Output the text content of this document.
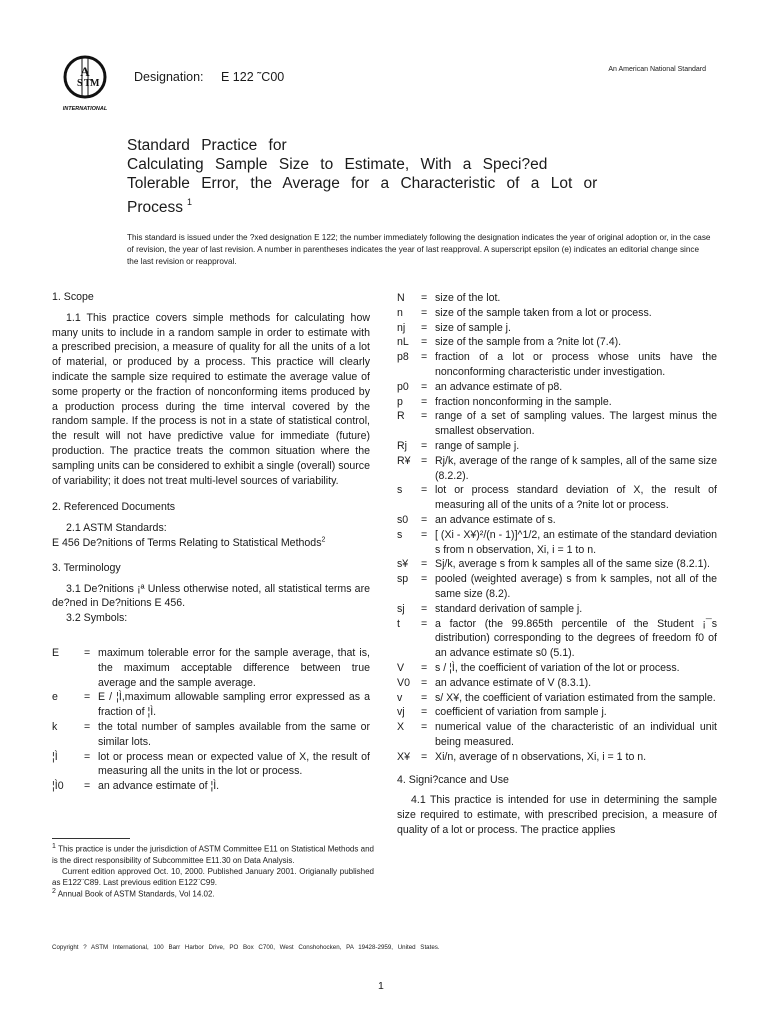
A
S T M
INTERNATIONAL
Designation: E 122 ˜C00
An American National Standard
Standard Practice for
Calculating Sample Size to Estimate, With a Speci?ed
Tolerable Error, the Average for a Characteristic of a Lot or
Process $^1$
This standard is issued under the ?xed designation E 122; the number immediately following the designation indicates the year of original adoption or, in the case of revision, the year of last revision. A number in parentheses indicates the year of last reapproval. A superscript epsilon (e) indicates an editorial change since the last revision or reapproval.

1. Scope

1.1 This practice covers simple methods for calculating how many units to include in a random sample in order to estimate with a prescribed precision, a measure of quality for all the units of a lot of material, or produced by a process. This practice will clearly indicate the sample size required to estimate the average value of some property or the fraction of nonconforming items produced by a production process during the time interval covered by the random sample. If the process is not in a state of statistical control, the result will not have predictive value for immediate (future) production. The practice treats the common situation where the sampling units can be considered to exhibit a single (overall) source of variability; it does not treat multi-level sources of variability.

2. Referenced Documents

2.1 ASTM Standards:

E 456 De?nitions of Terms Relating to Statistical Methods$^2$

3. Terminology

3.1 De?nitions ¡ª Unless otherwise noted, all statistical terms are de?ned in De?nitions E 456.

3.2 Symbols:

E	= maximum tolerable error for the sample average, that is, the maximum acceptable difference between true average and the sample average.
e	= E / ¦Ì,maximum allowable sampling error expressed as a fraction of ¦Ì.
k	= the total number of samples available from the same or similar lots.
¦Ì	= lot or process mean or expected value of X, the result of measuring all the units in the lot or process.
¦Ì0	= an advance estimate of ¦Ì.

$^1$ This practice is under the jurisdiction of ASTM Committee E11 on Statistical Methods and is the direct responsibility of Subcommittee E11.30 on Data Analysis.

Current edition approved Oct. 10, 2000. Published January 2001. Origianally published as E122¨C89. Last previous edition E122¨C99.

$^2$ Annual Book of ASTM Standards, Vol 14.02.

N	= size of the lot.
n	= size of the sample taken from a lot or process.
nj	= size of sample j.
nL	= size of the sample from a ?nite lot (7.4).
p8	= fraction of a lot or process whose units have the nonconforming characteristic under investigation.
p0	= an advance estimate of p8.
p	= fraction nonconforming in the sample.
R	= range of a set of sampling values. The largest minus the smallest observation.
Rj	= range of sample j.
R¥ = Rj/k, average of the range of k samples, all of the same size (8.2.2).
s	= lot or process standard deviation of X, the result of measuring all of the units of a ?nite lot or process.
s0	= an advance estimate of s.
s	= [ (Xi - X¥)²/(n - 1)]^1/2, an estimate of the standard deviation s from n observation, Xi, i = 1 to n.
s¥	= Sj/k, average s from k samples all of the same size (8.2.1).
sp	= pooled (weighted average) s from k samples, not all of the same size (8.2).
sj	= standard derivation of sample j.
t	= a factor (the 99.865th percentile of the Student ¡¯s distribution) corresponding to the degrees of freedom f0 of an advance estimate s0 (5.1).
V	= s / ¦Ì, the coefficient of variation of the lot or process.
V0	= an advance estimate of V (8.3.1).
v	= s/ X¥, the coefficient of variation estimated from the sample.
vj	= coefficient of variation from sample j.
X	= numerical value of the characteristic of an individual unit being measured.
X¥	= Xi/n, average of n observations, Xi, i = 1 to n.

4. Signi?cance and Use

4.1 This practice is intended for use in determining the sample size required to estimate, with prescribed precision, a measure of quality of a lot or process. The practice applies

Copyright ? ASTM International, 100 Barr Harbor Drive, PO Box C700, West Conshohocken, PA 19428-2959, United States.
1
